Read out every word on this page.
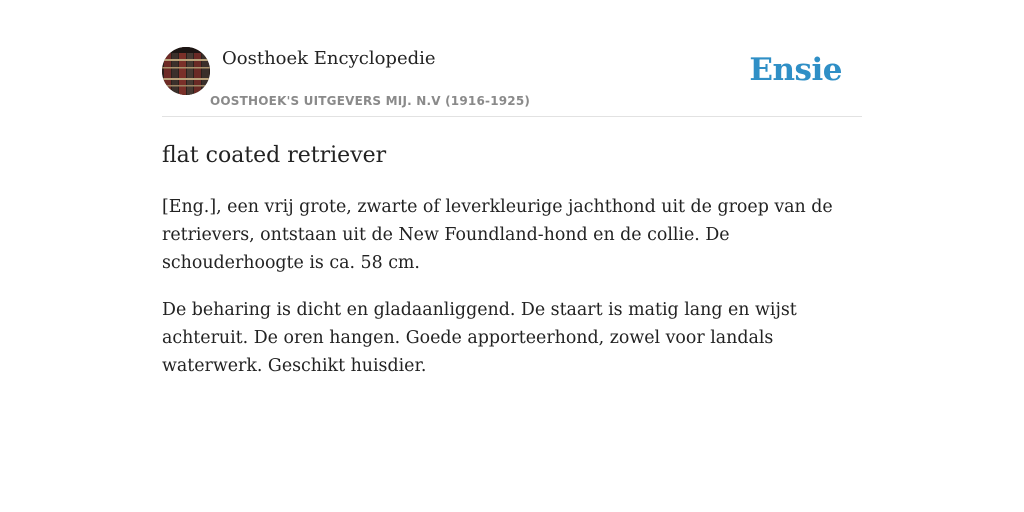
Oosthoek Encyclopedie
OOSTHOEK'S UITGEVERS MIJ. N.V (1916-1925)
Ensie
flat coated retriever

[Eng.], een vrij grote, zwarte of leverkleurige jachthond uit de groep van de retrievers, ontstaan uit de New Foundland-hond en de collie. De schouderhoogte is ca. 58 cm.

De beharing is dicht en gladaanliggend. De staart is matig lang en wijst achteruit. De oren hangen. Goede apporteerhond, zowel voor landals waterwerk. Geschikt huisdier.
